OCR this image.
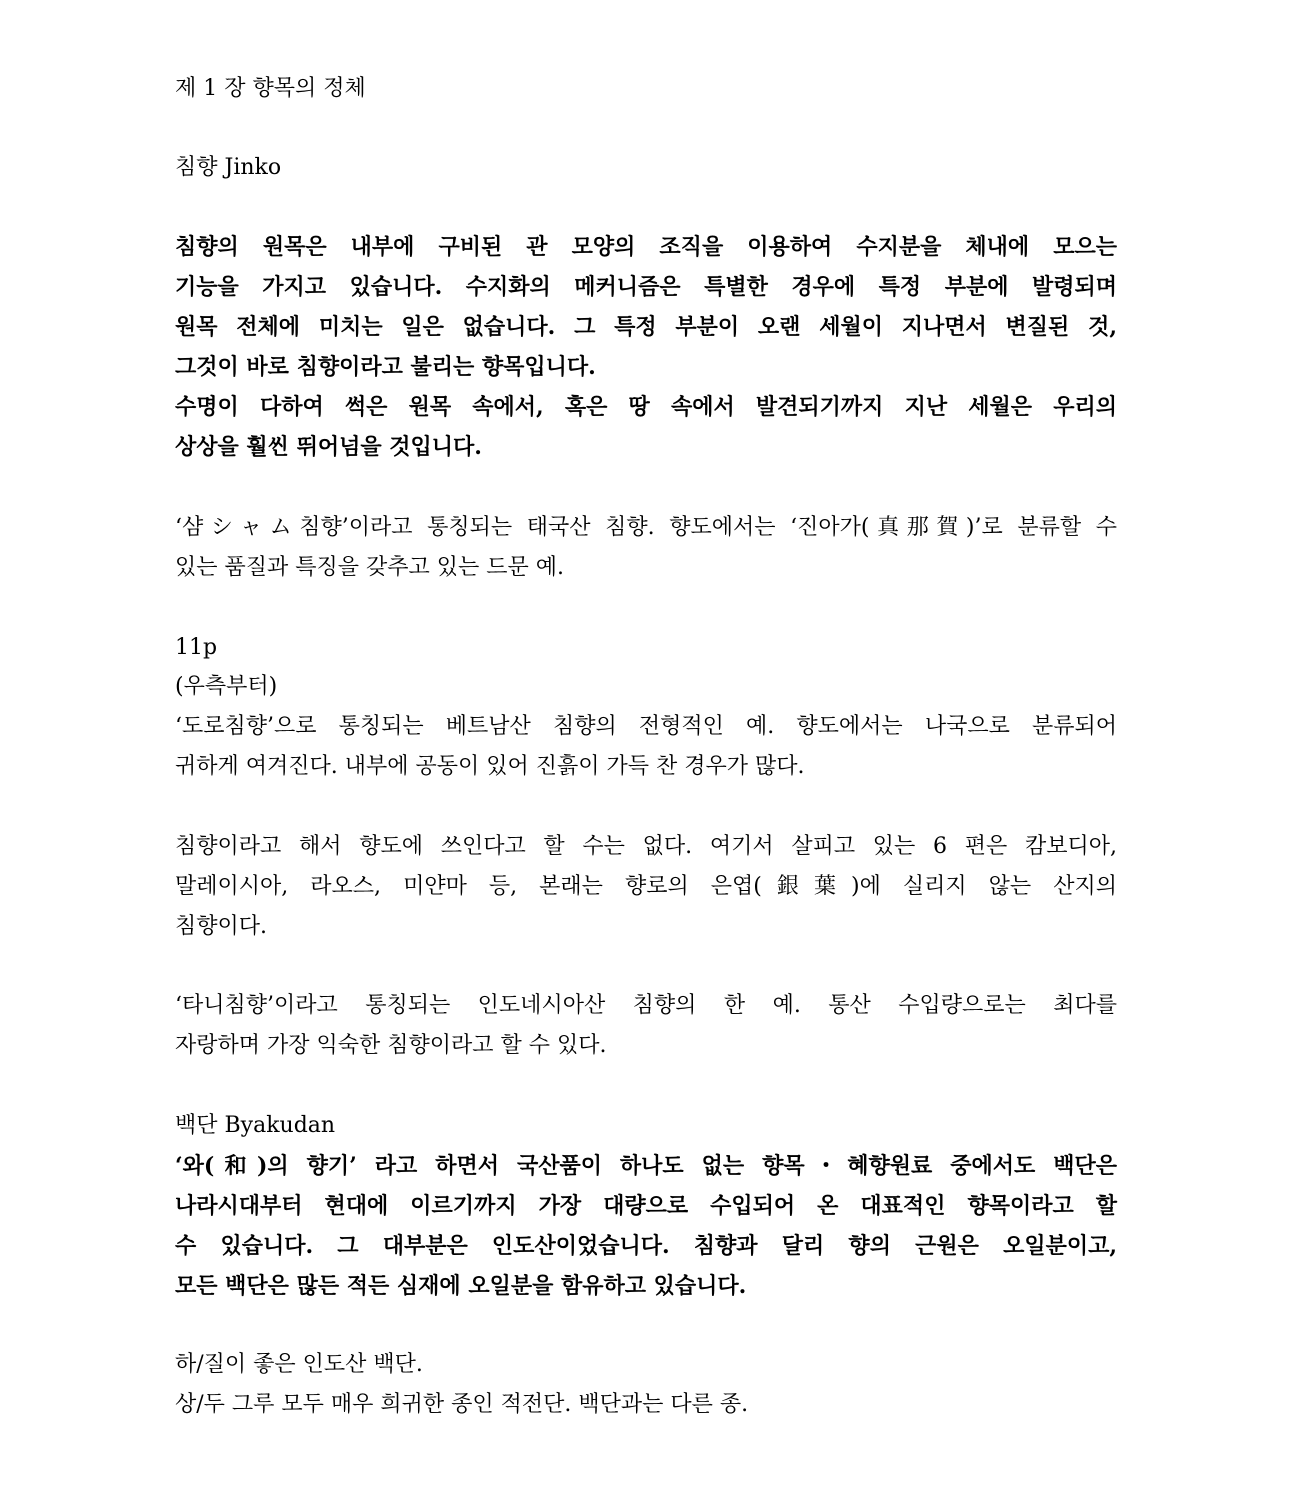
제 1 장 향목의 정체
침향 Jinko
침향의 원목은 내부에 구비된 관 모양의 조직을 이용하여 수지분을 체내에 모으는
기능을 가지고 있습니다. 수지화의 메커니즘은 특별한 경우에 특정 부분에 발령되며
원목 전체에 미치는 일은 없습니다. 그 특정 부분이 오랜 세월이 지나면서 변질된 것,
그것이 바로 침향이라고 불리는 향목입니다.
수명이 다하여 썩은 원목 속에서, 혹은 땅 속에서 발견되기까지 지난 세월은 우리의
상상을 훨씬 뛰어넘을 것입니다.
‘샴シャム침향’이라고 통칭되는 태국산 침향. 향도에서는 ‘진아가(真那賀)’로 분류할 수
있는 품질과 특징을 갖추고 있는 드문 예.
11p
(우측부터)
‘도로침향’으로 통칭되는 베트남산 침향의 전형적인 예. 향도에서는 나국으로 분류되어
귀하게 여겨진다. 내부에 공동이 있어 진흙이 가득 찬 경우가 많다.
침향이라고 해서 향도에 쓰인다고 할 수는 없다. 여기서 살피고 있는 6 편은 캄보디아,
말레이시아, 라오스, 미얀마 등, 본래는 향로의 은엽(銀葉)에 실리지 않는 산지의
침향이다.
‘타니침향’이라고 통칭되는 인도네시아산 침향의 한 예. 통산 수입량으로는 최다를
자랑하며 가장 익숙한 침향이라고 할 수 있다.
백단 Byakudan
‘와(和)의 향기’ 라고 하면서 국산품이 하나도 없는 향목・혜향원료 중에서도 백단은
나라시대부터 현대에 이르기까지 가장 대량으로 수입되어 온 대표적인 향목이라고 할
수 있습니다. 그 대부분은 인도산이었습니다. 침향과 달리 향의 근원은 오일분이고,
모든 백단은 많든 적든 심재에 오일분을 함유하고 있습니다.
하/질이 좋은 인도산 백단.
상/두 그루 모두 매우 희귀한 종인 적전단. 백단과는 다른 종.
